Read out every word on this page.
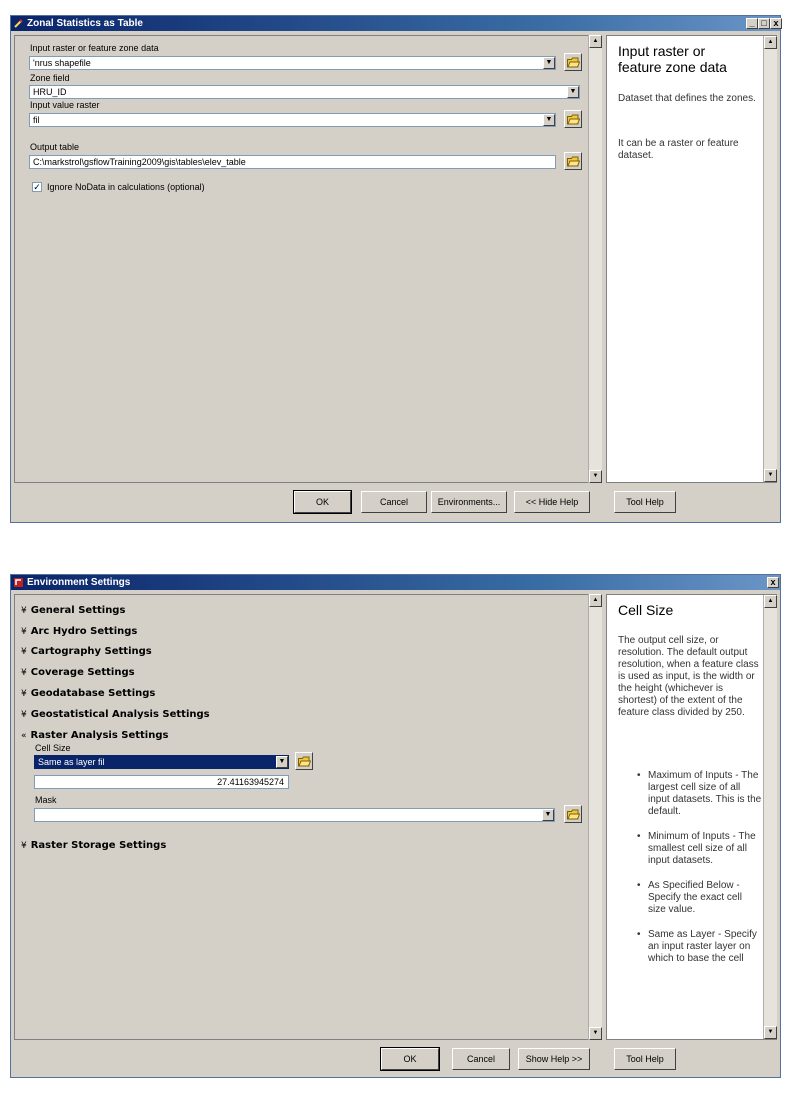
Zonal Statistics as Table	_ □ x
Input raster or feature zone data
'nrus shapefile	▼
Zone field
HRU_ID	▼
Input value raster
fil	▼
Output table
C:\markstrol\gsflowTraining2009\gis\tables\elev_table
✓ Ignore NoData in calculations (optional)
▲
▼
Input raster or
feature zone data
Dataset that defines the zones.
It can be a raster or feature dataset.
▲
▼
OK	Cancel	Environments...	<< Hide Help	Tool Help
Environment Settings	x
¥ General Settings
¥ Arc Hydro Settings
¥ Cartography Settings
¥ Coverage Settings
¥ Geodatabase Settings
¥ Geostatistical Analysis Settings
« Raster Analysis Settings
Cell Size
Same as layer fil	▼
27.41163945274
Mask
▼
¥ Raster Storage Settings
▲
▼
Cell Size
The output cell size, or resolution. The default output resolution, when a feature class is used as input, is the width or the height (whichever is shortest) of the extent of the feature class divided by 250.
• Maximum of Inputs - The largest cell size of all input datasets. This is the default.
• Minimum of Inputs - The smallest cell size of all input datasets.
• As Specified Below - Specify the exact cell size value.
• Same as Layer - Specify an input raster layer on which to base the cell
▲
▼
OK	Cancel	Show Help >>	Tool Help
